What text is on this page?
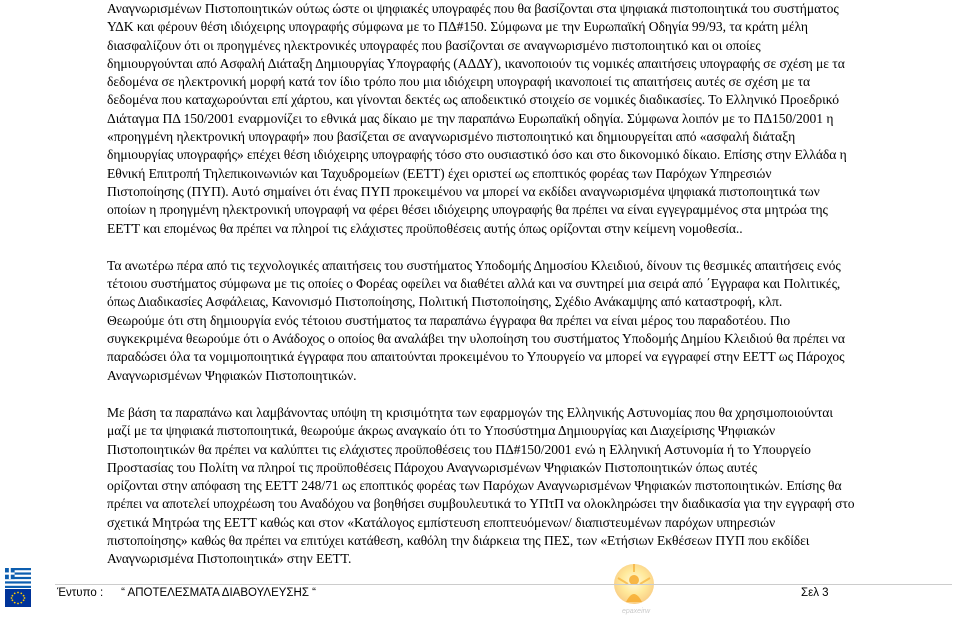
Αναγνωρισμένων Πιστοποιητικών ούτως ώστε οι ψηφιακές υπογραφές που θα βασίζονται στα ψηφιακά πιστοποιητικά του συστήματος
ΥΔΚ και φέρουν θέση ιδιόχειρης υπογραφής σύμφωνα με το ΠΔ#150. Σύμφωνα με την Ευρωπαϊκή Οδηγία 99/93, τα κράτη μέλη
διασφαλίζουν ότι οι προηγμένες ηλεκτρονικές υπογραφές που βασίζονται σε αναγνωρισμένο πιστοποιητικό και οι οποίες
δημιουργούνται από Ασφαλή Διάταξη Δημιουργίας Υπογραφής (ΑΔΔΥ), ικανοποιούν τις νομικές απαιτήσεις υπογραφής σε σχέση με τα
δεδομένα σε ηλεκτρονική μορφή κατά τον ίδιο τρόπο που μια ιδιόχειρη υπογραφή ικανοποιεί τις απαιτήσεις αυτές σε σχέση με τα
δεδομένα που καταχωρούνται επί χάρτου, και γίνονται δεκτές ως αποδεικτικό στοιχείο σε νομικές διαδικασίες. Το Ελληνικό Προεδρικό
Διάταγμα ΠΔ 150/2001 εναρμονίζει το εθνικά μας δίκαιο με την παραπάνω Ευρωπαϊκή οδηγία. Σύμφωνα λοιπόν με το ΠΔ150/2001 η
«προηγμένη ηλεκτρονική υπογραφή» που βασίζεται σε αναγνωρισμένο πιστοποιητικό και δημιουργείται από «ασφαλή διάταξη
δημιουργίας υπογραφής» επέχει θέση ιδιόχειρης υπογραφής τόσο στο ουσιαστικό όσο και στο δικονομικό δίκαιο. Επίσης στην Ελλάδα η
Εθνική Επιτροπή Τηλεπικοινωνιών και Ταχυδρομείων (ΕΕΤΤ) έχει οριστεί ως εποπτικός φορέας των Παρόχων Υπηρεσιών
Πιστοποίησης (ΠΥΠ). Αυτό σημαίνει ότι ένας ΠΥΠ προκειμένου να μπορεί να εκδίδει αναγνωρισμένα ψηφιακά πιστοποιητικά των
οποίων η προηγμένη ηλεκτρονική υπογραφή να φέρει θέσει ιδιόχειρης υπογραφής θα πρέπει να είναι εγγεγραμμένος στα μητρώα της
ΕΕΤΤ και επομένως θα πρέπει να πληροί τις ελάχιστες προϋποθέσεις αυτής όπως ορίζονται στην κείμενη νομοθεσία..
Τα ανωτέρω πέρα από τις τεχνολογικές απαιτήσεις του συστήματος Υποδομής Δημοσίου Κλειδιού, δίνουν τις θεσμικές απαιτήσεις ενός
τέτοιου συστήματος σύμφωνα με τις οποίες ο Φορέας οφείλει να διαθέτει αλλά και να συντηρεί μια σειρά από ΄Εγγραφα και Πολιτικές,
όπως Διαδικασίες Ασφάλειας, Κανονισμό Πιστοποίησης, Πολιτική Πιστοποίησης, Σχέδιο Ανάκαμψης από καταστροφή, κλπ.
Θεωρούμε ότι στη δημιουργία ενός τέτοιου συστήματος τα παραπάνω έγγραφα θα πρέπει να είναι μέρος του παραδοτέου. Πιο
συγκεκριμένα θεωρούμε ότι ο Ανάδοχος ο οποίος θα αναλάβει την υλοποίηση του συστήματος Υποδομής Δημίου Κλειδιού θα πρέπει να
παραδώσει όλα τα νομιμοποιητικά έγγραφα που απαιτούνται προκειμένου το Υπουργείο να μπορεί να εγγραφεί στην ΕΕΤΤ ως Πάροχος
Αναγνωρισμένων Ψηφιακών Πιστοποιητικών.
Με βάση τα παραπάνω και λαμβάνοντας υπόψη τη κρισιμότητα των εφαρμογών της Ελληνικής Αστυνομίας που θα χρησιμοποιούνται
μαζί με τα ψηφιακά πιστοποιητικά, θεωρούμε άκρως αναγκαίο ότι το Υποσύστημα Δημιουργίας και Διαχείρισης Ψηφιακών
Πιστοποιητικών θα πρέπει να καλύπτει τις ελάχιστες προϋποθέσεις του ΠΔ#150/2001 ενώ η Ελληνική Αστυνομία ή το Υπουργείο
Προστασίας του Πολίτη να πληροί τις προϋποθέσεις Πάροχου Αναγνωρισμένων Ψηφιακών Πιστοποιητικών όπως αυτές
ορίζονται στην απόφαση της ΕΕΤΤ 248/71 ως εποπτικός φορέας των Παρόχων Αναγνωρισμένων Ψηφιακών πιστοποιητικών. Επίσης θα
πρέπει να αποτελεί υποχρέωση του Αναδόχου να βοηθήσει συμβουλευτικά το ΥΠτΠ να ολοκληρώσει την διαδικασία για την εγγραφή στο
σχετικά Μητρώα της ΕΕΤΤ καθώς και στον «Κατάλογος εμπίστευση εποπτευόμενων/ διαπιστευμένων παρόχων υπηρεσιών
πιστοποίησης» καθώς θα πρέπει να επιτύχει κατάθεση, καθόλη την διάρκεια της ΠΕΣ, των «Ετήσιων Εκθέσεων ΠΥΠ που εκδίδει
Αναγνωρισμένα Πιστοποιητικά» στην ΕΕΤΤ.
epaxeirw
Έντυπο : “ ΑΠΟΤΕΛΕΣΜΑΤΑ ΔΙΑΒΟΥΛΕΥΣΗΣ “	Σελ 3
